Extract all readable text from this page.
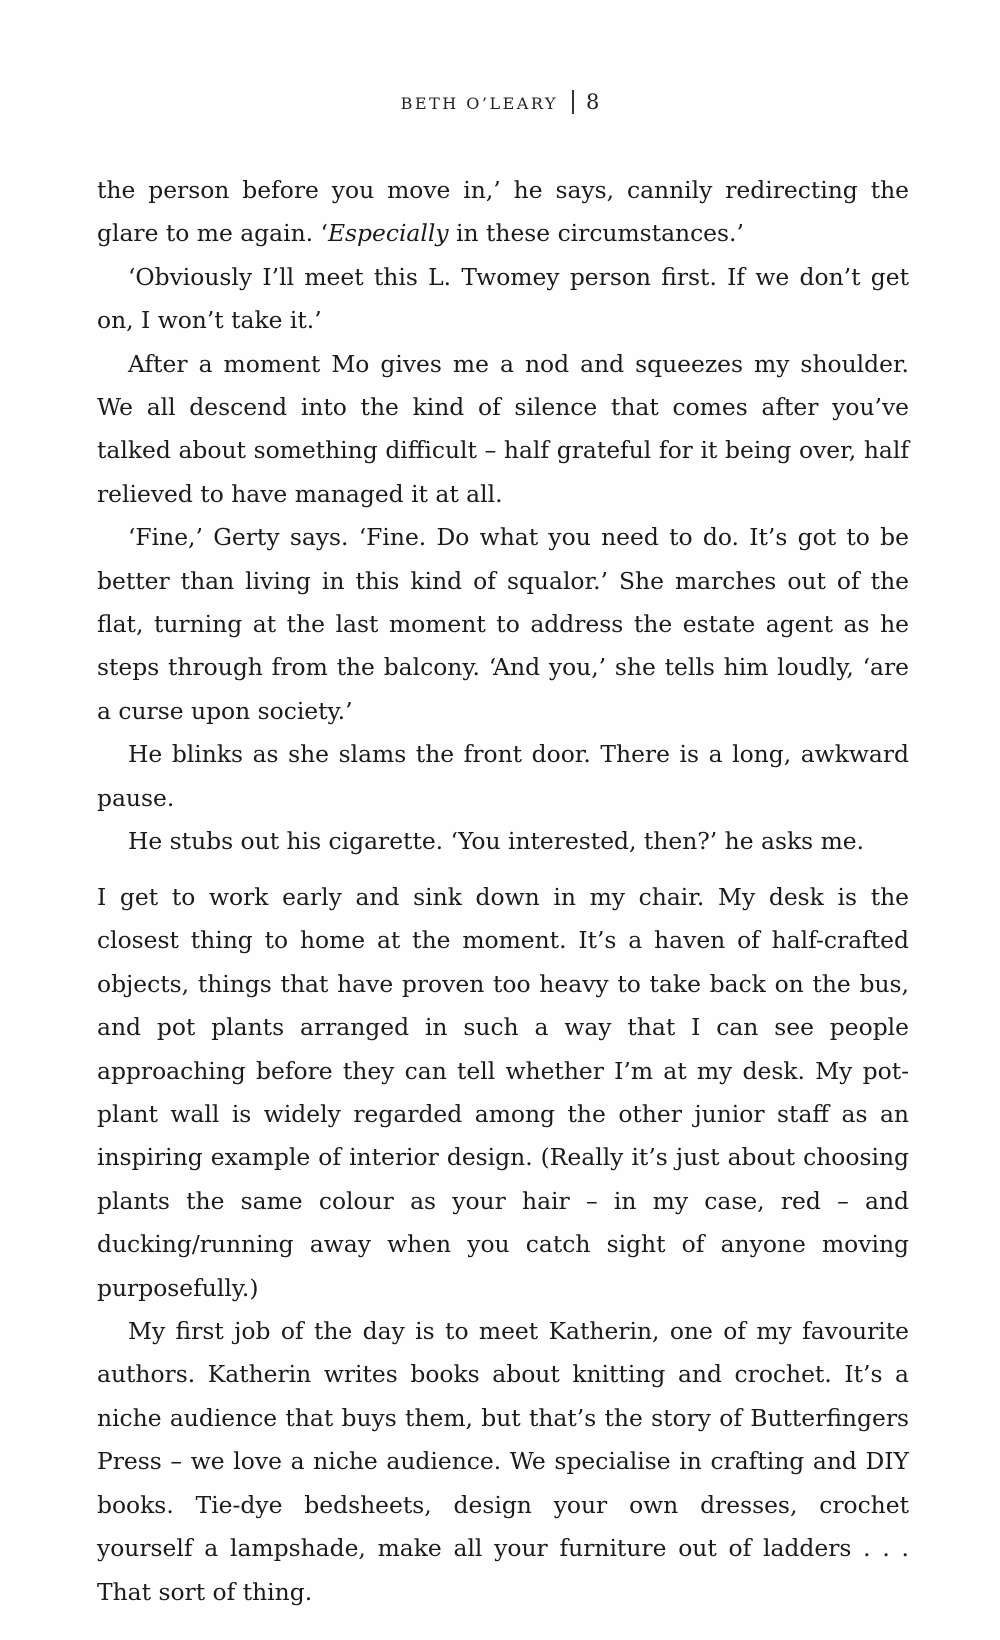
BETH O’LEARY 8

the person before you move in,’ he says, cannily redirecting the glare to me again. ‘Especially in these circumstances.’

‘Obviously I’ll meet this L. Twomey person first. If we don’t get on, I won’t take it.’

After a moment Mo gives me a nod and squeezes my shoulder. We all descend into the kind of silence that comes after you’ve talked about something difficult – half grateful for it being over, half relieved to have managed it at all.

‘Fine,’ Gerty says. ‘Fine. Do what you need to do. It’s got to be better than living in this kind of squalor.’ She marches out of the flat, turning at the last moment to address the estate agent as he steps through from the balcony. ‘And you,’ she tells him loudly, ‘are a curse upon society.’

He blinks as she slams the front door. There is a long, awkward pause.

He stubs out his cigarette. ‘You interested, then?’ he asks me.

I get to work early and sink down in my chair. My desk is the closest thing to home at the moment. It’s a haven of half-crafted objects, things that have proven too heavy to take back on the bus, and pot plants arranged in such a way that I can see people approaching before they can tell whether I’m at my desk. My pot-plant wall is widely regarded among the other junior staff as an inspiring example of interior design. (Really it’s just about choosing plants the same colour as your hair – in my case, red – and ducking/running away when you catch sight of anyone moving purposefully.)

My first job of the day is to meet Katherin, one of my favourite authors. Katherin writes books about knitting and crochet. It’s a niche audience that buys them, but that’s the story of Butterfingers Press – we love a niche audience. We specialise in crafting and DIY books. Tie-dye bedsheets, design your own dresses, crochet yourself a lampshade, make all your furniture out of ladders . . . That sort of thing.
